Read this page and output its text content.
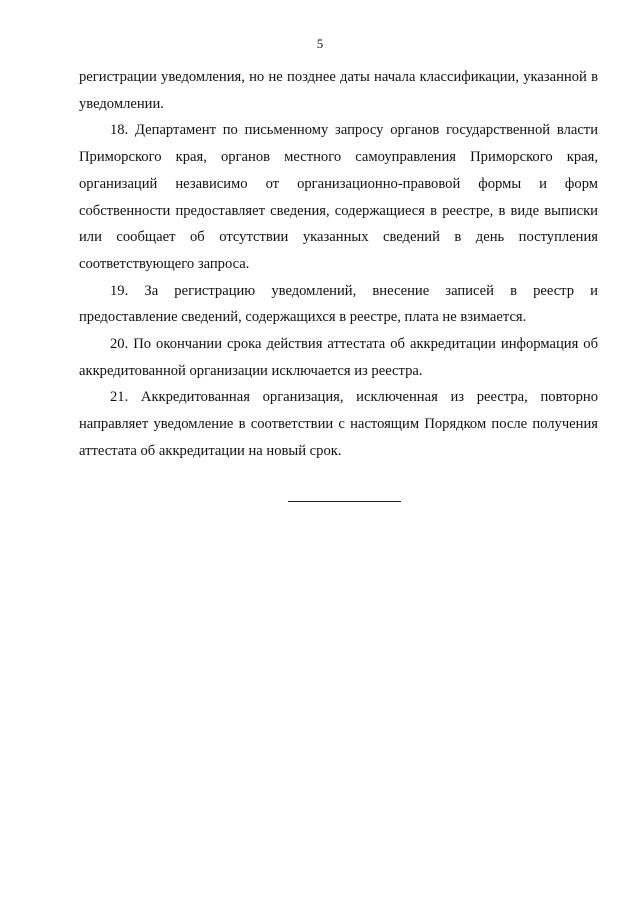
5

регистрации уведомления, но не позднее даты начала классификации, указанной в уведомлении.

18. Департамент по письменному запросу органов государственной власти Приморского края, органов местного самоуправления Приморского края, организаций независимо от организационно-правовой формы и форм собственности предоставляет сведения, содержащиеся в реестре, в виде выписки или сообщает об отсутствии указанных сведений в день поступления соответствующего запроса.

19. За регистрацию уведомлений, внесение записей в реестр и предоставление сведений, содержащихся в реестре, плата не взимается.

20. По окончании срока действия аттестата об аккредитации информация об аккредитованной организации исключается из реестра.

21. Аккредитованная организация, исключенная из реестра, повторно направляет уведомление в соответствии с настоящим Порядком после получения аттестата об аккредитации на новый срок.
